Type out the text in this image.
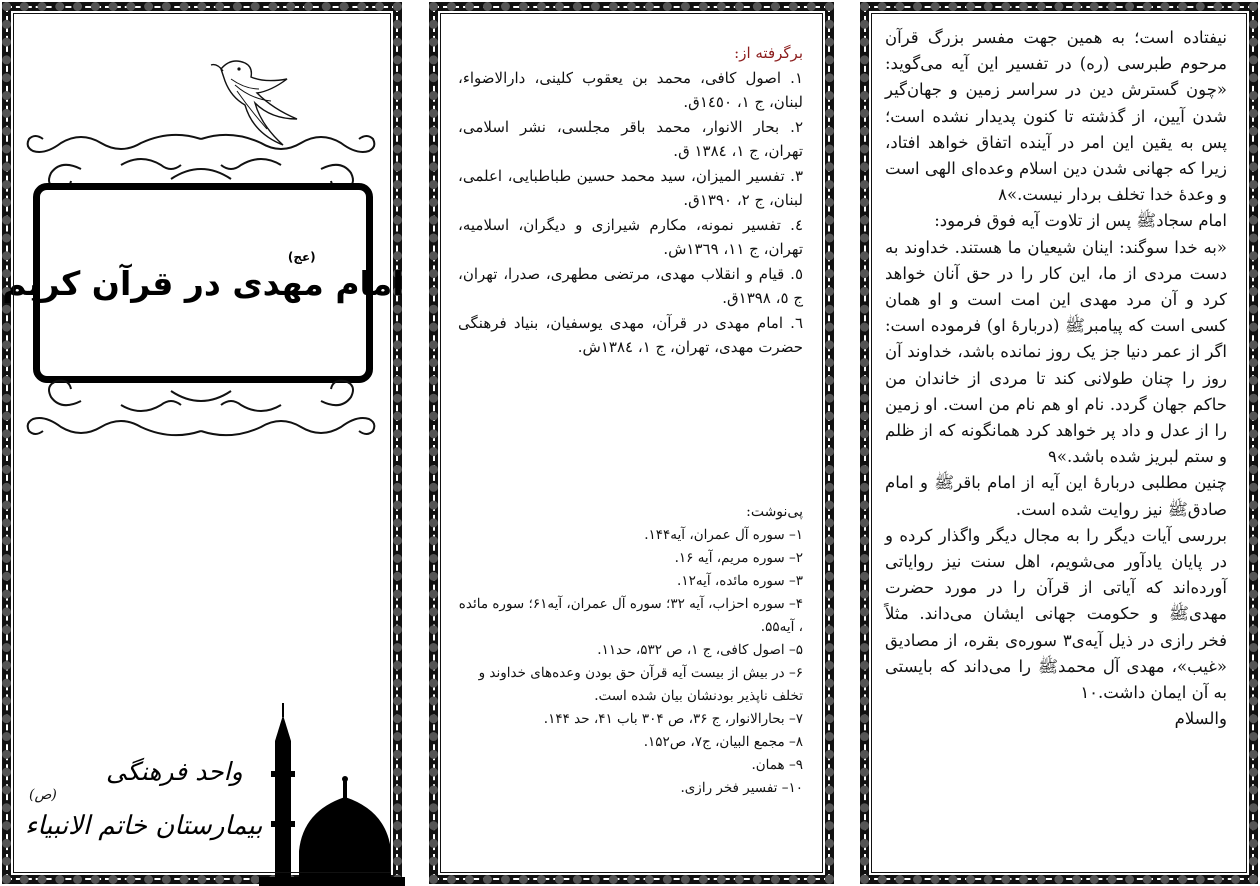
امام مهدی در قرآن کریم
(عج)
واحد فرهنگی
(ص)
بیمارستان خاتم الانبیاء
برگرفته از:
۱. اصول کافی، محمد بن یعقوب کلینی، دارالاضواء، لبنان، ج ۱، ۱٤٥۰ق.
۲. بحار الانوار، محمد باقر مجلسی، نشر اسلامی، تهران، ج ۱، ۱۳۸٤ ق.
۳. تفسیر المیزان، سید محمد حسین طباطبایی، اعلمی، لبنان، ج ۲، ۱۳۹۰ق.
٤. تفسیر نمونه، مکارم شیرازی و دیگران، اسلامیه، تهران، ج ۱۱، ۱۳٦۹ش.
٥. قیام و انقلاب مهدی، مرتضی مطهری، صدرا، تهران، ج ٥، ۱۳۹۸ق.
٦. امام مهدی در قرآن، مهدی یوسفیان، بنیاد فرهنگی حضرت مهدی، تهران، ج ۱، ۱۳۸٤ش.
پی‌نوشت:
۱– سوره آل عمران، آیه۱۴۴.
۲– سوره مریم، آیه ۱۶.
۳– سوره مائده، آیه۱۲.
۴– سوره احزاب، آیه ۳۲؛ سوره آل عمران، آیه۶۱؛ سوره مائده ، آیه۵۵.
۵– اصول کافی، ج ۱، ص ۵۳۲، حد۱۱.
۶– در بیش از بیست آیه قرآن حق بودن وعده‌های خداوند و تخلف ناپذیر بودنشان بیان شده است.
۷– بحارالانوار، ج ۳۶، ص ۳۰۴ باب ۴۱، حد ۱۴۴.
۸– مجمع البیان، ج۷، ص۱۵۲.
۹– همان.
۱۰– تفسیر فخر رازی.

نیفتاده است؛ به همین جهت مفسر بزرگ قرآن مرحوم طبرسی (ره) در تفسیر این آیه می‌گوید: «چون گسترش دین در سراسر زمین و جهان‌گیر شدن آیین، از گذشته تا کنون پدیدار نشده است؛ پس به یقین این امر در آینده اتفاق خواهد افتاد، زیرا که جهانی شدن دین اسلام وعده‌ای الهی است و وعدهٔ خدا تخلف بردار نیست.»۸

امام سجادﷺ پس از تلاوت آیه فوق فرمود:

«به خدا سوگند: اینان شیعیان ما هستند. خداوند به دست مردی از ما، این کار را در حق آنان خواهد کرد و آن مرد مهدی این امت است و او همان کسی است که پیامبرﷺ (دربارهٔ او) فرموده است: اگر از عمر دنیا جز یک روز نمانده باشد، خداوند آن روز را چنان طولانی کند تا مردی از خاندان من حاکم جهان گردد. نام او هم نام من است. او زمین را از عدل و داد پر خواهد کرد همانگونه که از ظلم و ستم لبریز شده باشد.»۹

چنین مطلبی دربارهٔ این آیه از امام باقرﷺ و امام صادقﷺ نیز روایت شده است.

بررسی آیات دیگر را به مجال دیگر واگذار کرده و در پایان یادآور می‌شویم، اهل سنت نیز روایاتی آورده‌اند که آیاتی از قرآن را در مورد حضرت مهدیﷺ و حکومت جهانی ایشان می‌داند. مثلاً فخر رازی در ذیل آیه‌ی۳ سوره‌ی بقره، از مصادیق «غیب»، مهدی آل محمدﷺ را می‌داند که بایستی به آن ایمان داشت.۱۰

والسلام
